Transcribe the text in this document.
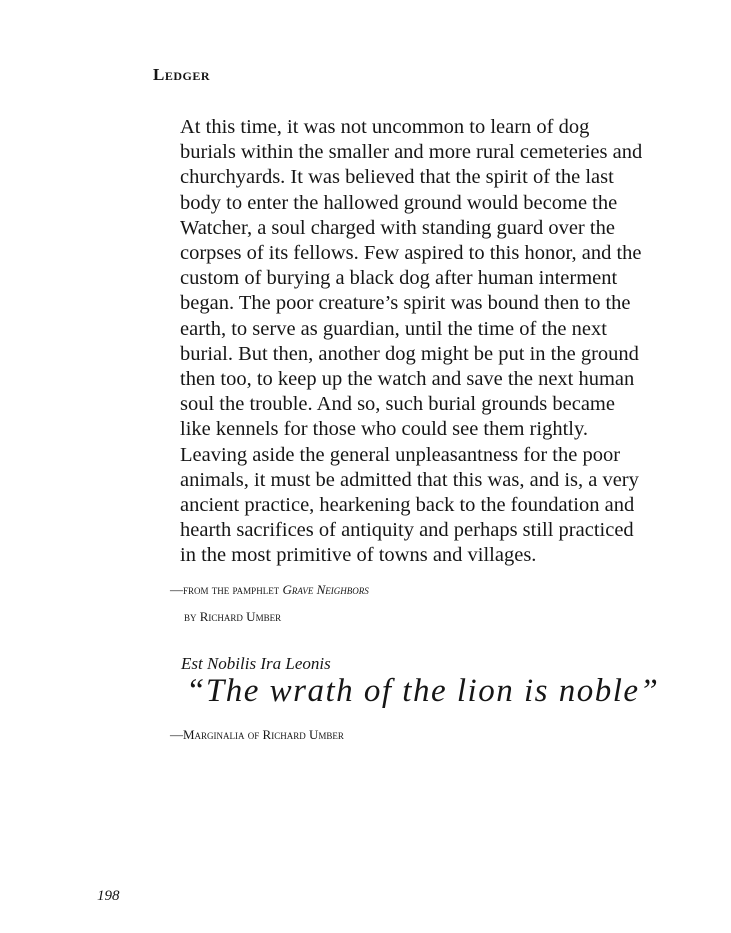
Ledger
At this time, it was not uncommon to learn of dog
burials within the smaller and more rural cemeteries and
churchyards. It was believed that the spirit of the last
body to enter the hallowed ground would become the
Watcher, a soul charged with standing guard over the
corpses of its fellows. Few aspired to this honor, and the
custom of burying a black dog after human interment
began. The poor creature’s spirit was bound then to the
earth, to serve as guardian, until the time of the next
burial. But then, another dog might be put in the ground
then too, to keep up the watch and save the next human
soul the trouble. And so, such burial grounds became
like kennels for those who could see them rightly.
Leaving aside the general unpleasantness for the poor
animals, it must be admitted that this was, and is, a very
ancient practice, hearkening back to the foundation and
hearth sacrifices of antiquity and perhaps still practiced
in the most primitive of towns and villages.
—from the pamphlet Grave Neighbors
by Richard Umber
Est Nobilis Ira Leonis
“The wrath of the lion is noble”
—Marginalia of Richard Umber
198
